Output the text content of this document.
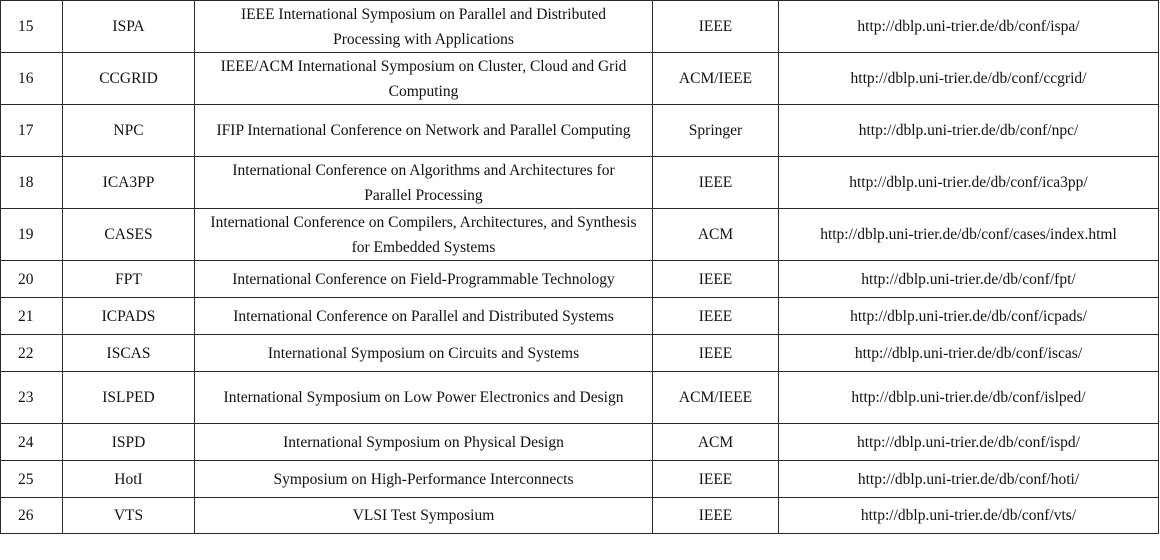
15	ISPA	IEEE International Symposium on Parallel and Distributed Processing with Applications	IEEE	http://dblp.uni-trier.de/db/conf/ispa/
16	CCGRID	IEEE/ACM International Symposium on Cluster, Cloud and Grid Computing	ACM/IEEE	http://dblp.uni-trier.de/db/conf/ccgrid/
17	NPC	IFIP International Conference on Network and Parallel Computing	Springer	http://dblp.uni-trier.de/db/conf/npc/
18	ICA3PP	International Conference on Algorithms and Architectures for Parallel Processing	IEEE	http://dblp.uni-trier.de/db/conf/ica3pp/
19	CASES	International Conference on Compilers, Architectures, and Synthesis for Embedded Systems	ACM	http://dblp.uni-trier.de/db/conf/cases/index.html
20	FPT	International Conference on Field-Programmable Technology	IEEE	http://dblp.uni-trier.de/db/conf/fpt/
21	ICPADS	International Conference on Parallel and Distributed Systems	IEEE	http://dblp.uni-trier.de/db/conf/icpads/
22	ISCAS	International Symposium on Circuits and Systems	IEEE	http://dblp.uni-trier.de/db/conf/iscas/
23	ISLPED	International Symposium on Low Power Electronics and Design	ACM/IEEE	http://dblp.uni-trier.de/db/conf/islped/
24	ISPD	International Symposium on Physical Design	ACM	http://dblp.uni-trier.de/db/conf/ispd/
25	HotI	Symposium on High-Performance Interconnects	IEEE	http://dblp.uni-trier.de/db/conf/hoti/
26	VTS	VLSI Test Symposium	IEEE	http://dblp.uni-trier.de/db/conf/vts/
